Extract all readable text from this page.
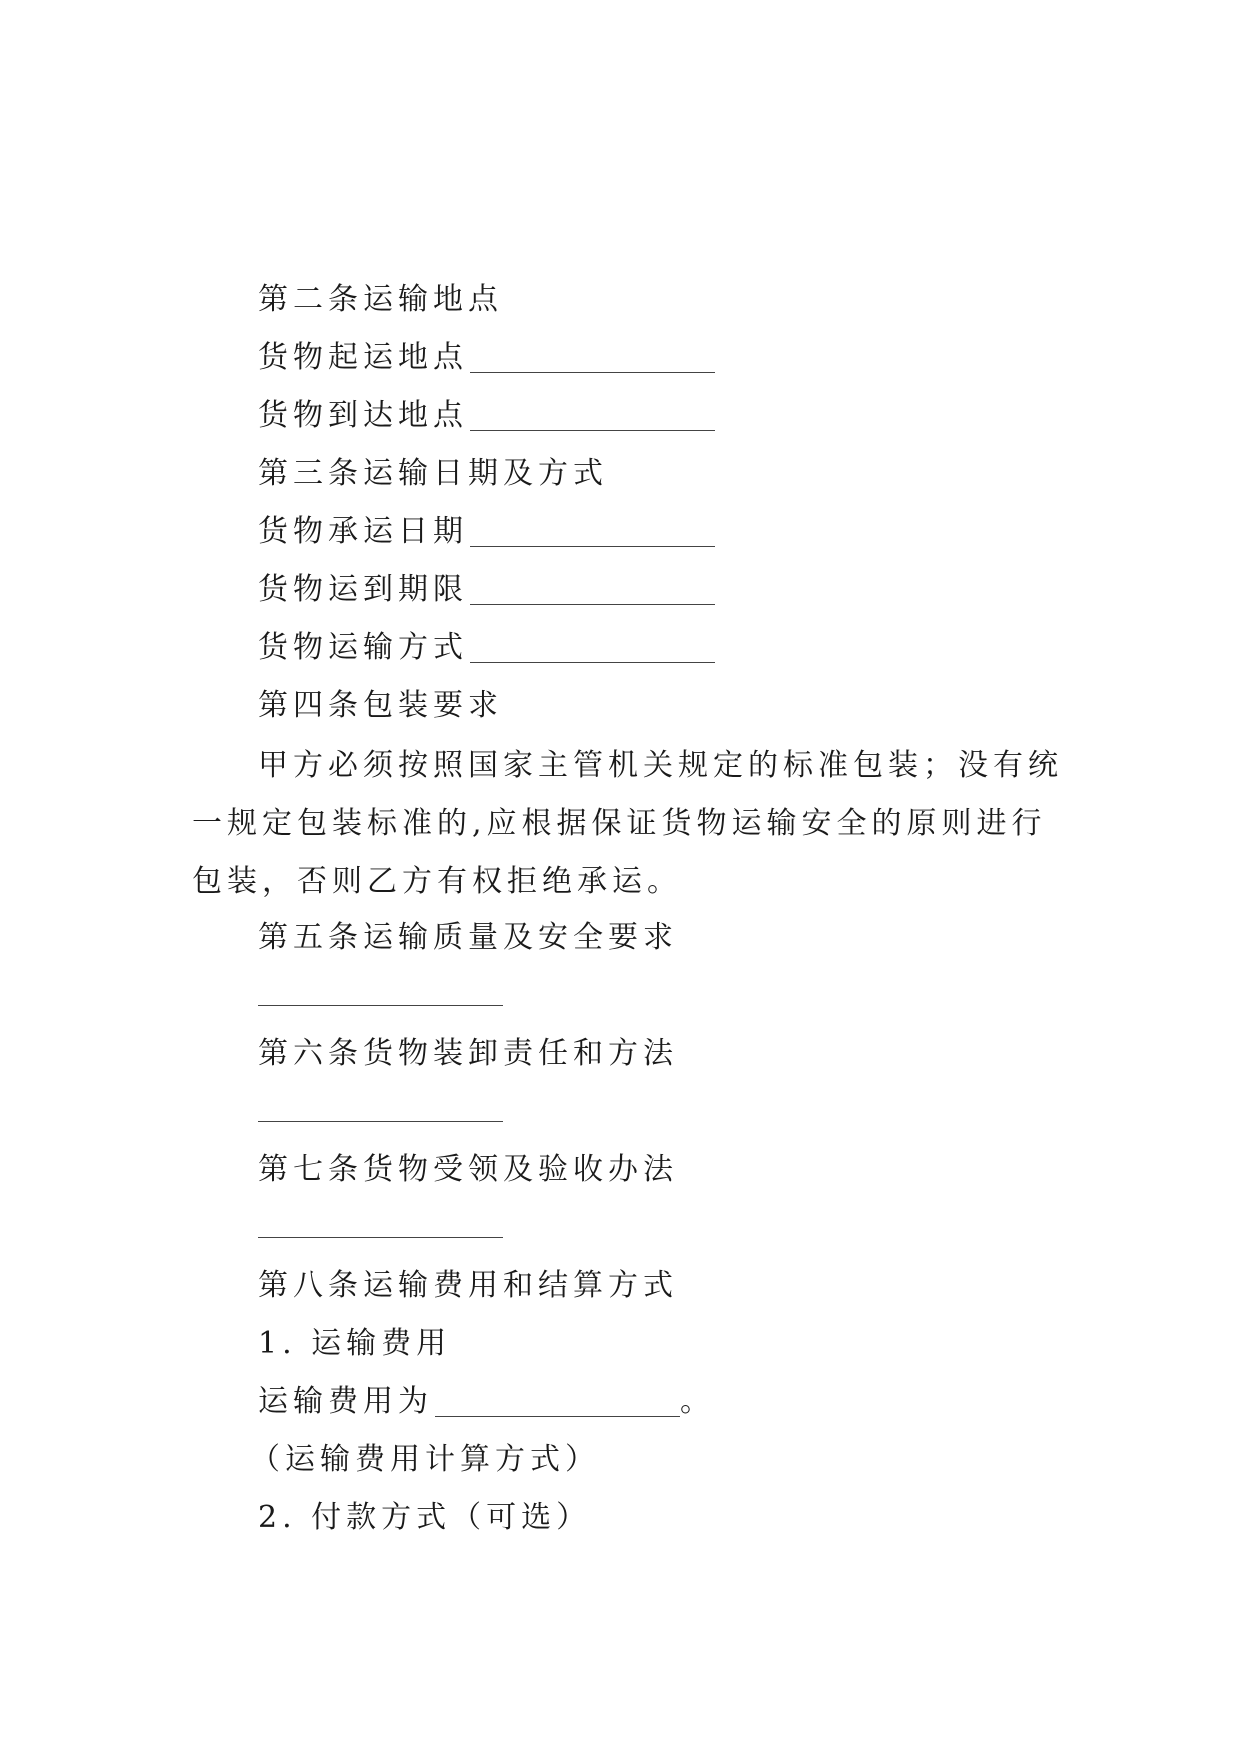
第二条运输地点
货物起运地点
货物到达地点
第三条运输日期及方式
货物承运日期
货物运到期限
货物运输方式
第四条包装要求
甲方必须按照国家主管机关规定的标准包装；没有统一规定包装标准的,应根据保证货物运输安全的原则进行包装，否则乙方有权拒绝承运。
第五条运输质量及安全要求
第六条货物装卸责任和方法
第七条货物受领及验收办法
第八条运输费用和结算方式
1. 运输费用
运输费用为	。
（运输费用计算方式）
2. 付款方式（可选）
